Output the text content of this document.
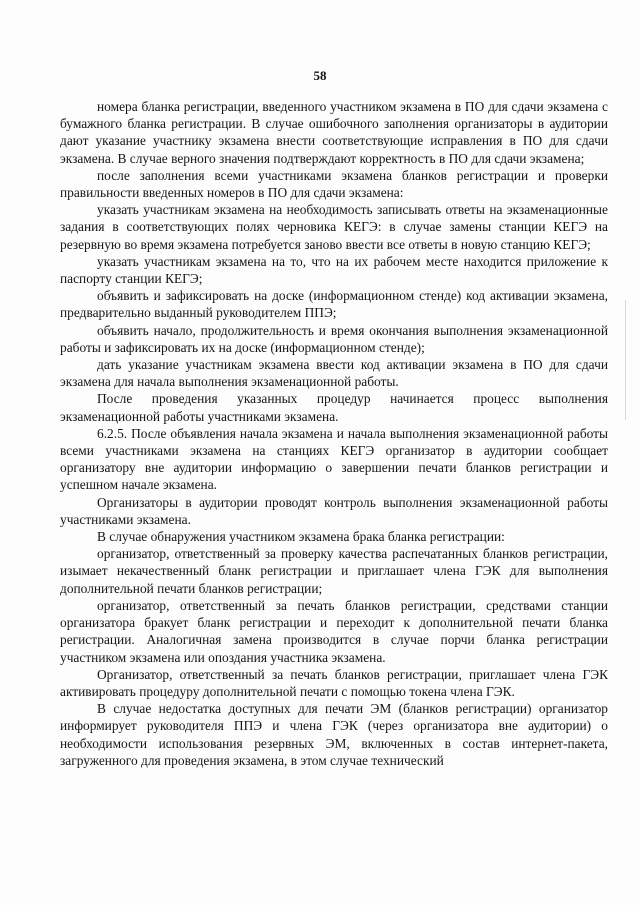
58

номера бланка регистрации, введенного участником экзамена в ПО для сдачи экзамена с бумажного бланка регистрации. В случае ошибочного заполнения организаторы в аудитории дают указание участнику экзамена внести соответствующие исправления в ПО для сдачи экзамена. В случае верного значения подтверждают корректность в ПО для сдачи экзамена;

после заполнения всеми участниками экзамена бланков регистрации и проверки правильности введенных номеров в ПО для сдачи экзамена:

указать участникам экзамена на необходимость записывать ответы на экзаменационные задания в соответствующих полях черновика КЕГЭ: в случае замены станции КЕГЭ на резервную во время экзамена потребуется заново ввести все ответы в новую станцию КЕГЭ;

указать участникам экзамена на то, что на их рабочем месте находится приложение к паспорту станции КЕГЭ;

объявить и зафиксировать на доске (информационном стенде) код активации экзамена, предварительно выданный руководителем ППЭ;

объявить начало, продолжительность и время окончания выполнения экзаменационной работы и зафиксировать их на доске (информационном стенде);

дать указание участникам экзамена ввести код активации экзамена в ПО для сдачи экзамена для начала выполнения экзаменационной работы.

После проведения указанных процедур начинается процесс выполнения экзаменационной работы участниками экзамена.

6.2.5. После объявления начала экзамена и начала выполнения экзаменационной работы всеми участниками экзамена на станциях КЕГЭ организатор в аудитории сообщает организатору вне аудитории информацию о завершении печати бланков регистрации и успешном начале экзамена.

Организаторы в аудитории проводят контроль выполнения экзаменационной работы участниками экзамена.

В случае обнаружения участником экзамена брака бланка регистрации:

организатор, ответственный за проверку качества распечатанных бланков регистрации, изымает некачественный бланк регистрации и приглашает члена ГЭК для выполнения дополнительной печати бланков регистрации;

организатор, ответственный за печать бланков регистрации, средствами станции организатора бракует бланк регистрации и переходит к дополнительной печати бланка регистрации. Аналогичная замена производится в случае порчи бланка регистрации участником экзамена или опоздания участника экзамена.

Организатор, ответственный за печать бланков регистрации, приглашает члена ГЭК активировать процедуру дополнительной печати с помощью токена члена ГЭК.

В случае недостатка доступных для печати ЭМ (бланков регистрации) организатор информирует руководителя ППЭ и члена ГЭК (через организатора вне аудитории) о необходимости использования резервных ЭМ, включенных в состав интернет-пакета, загруженного для проведения экзамена, в этом случае технический
